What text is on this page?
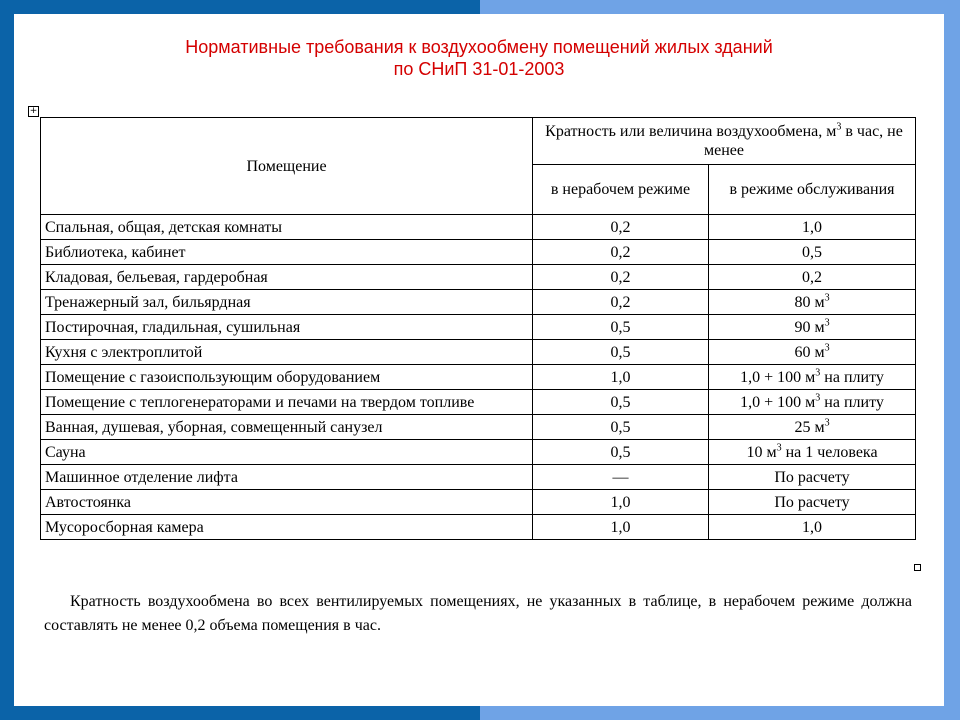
Нормативные требования к воздухообмену помещений жилых зданий
по СНиП 31-01-2003
+
Помещение	Кратность или величина воздухообмена, $м^3$ в час, не менее	
	в нерабочем режиме	в режиме обслуживания
Спальная, общая, детская комнаты	0,2	1,0
Библиотека, кабинет	0,2	0,5
Кладовая, бельевая, гардеробная	0,2	0,2
Тренажерный зал, бильярдная	0,2	80 $м^3$
Постирочная, гладильная, сушильная	0,5	90 $м^3$
Кухня с электроплитой	0,5	60 $м^3$
Помещение с газоиспользующим оборудованием	1,0	1,0 + 100 $м^3$ на плиту
Помещение с теплогенераторами и печами на твердом топливе	0,5	1,0 + 100 $м^3$ на плиту
Ванная, душевая, уборная, совмещенный санузел	0,5	25 $м^3$
Сауна	0,5	10 $м^3$ на 1 человека
Машинное отделение лифта	—	По расчету
Автостоянка	1,0	По расчету
Мусоросборная камера	1,0	1,0
Кратность воздухообмена во всех вентилируемых помещениях, не указанных в таблице, в нерабочем режиме должна составлять не менее 0,2 объема помещения в час.
